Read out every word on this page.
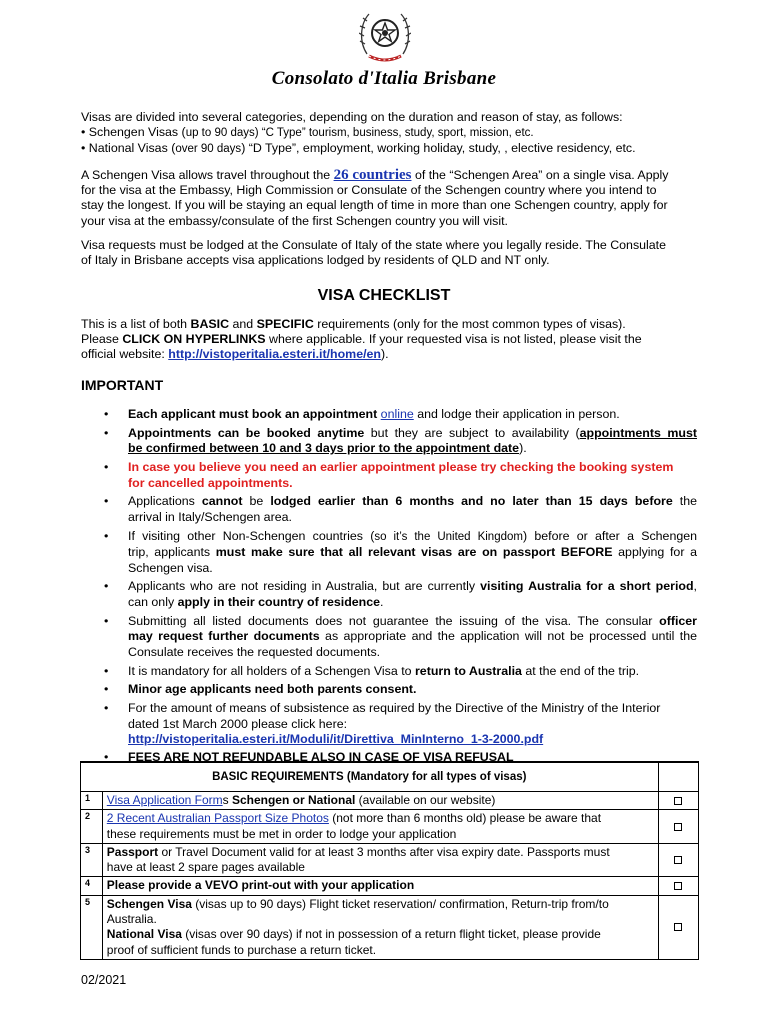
Consolato d'Italia Brisbane
Visas are divided into several categories, depending on the duration and reason of stay, as follows:
• Schengen Visas (up to 90 days) “C Type” tourism, business, study, sport, mission, etc.
• National Visas (over 90 days) “D Type”, employment, working holiday, study, , elective residency, etc.
A Schengen Visa allows travel throughout the 26 countries of the “Schengen Area” on a single visa. Apply
for the visa at the Embassy, High Commission or Consulate of the Schengen country where you intend to
stay the longest. If you will be staying an equal length of time in more than one Schengen country, apply for
your visa at the embassy/consulate of the first Schengen country you will visit.
Visa requests must be lodged at the Consulate of Italy of the state where you legally reside. The Consulate
of Italy in Brisbane accepts visa applications lodged by residents of QLD and NT only.
VISA CHECKLIST
This is a list of both BASIC and SPECIFIC requirements (only for the most common types of visas).
Please CLICK ON HYPERLINKS where applicable. If your requested visa is not listed, please visit the
official website: http://vistoperitalia.esteri.it/home/en).
IMPORTANT
• Each applicant must book an appointment online and lodge their application in person.
• Appointments can be booked anytime but they are subject to availability (appointments must
be confirmed between 10 and 3 days prior to the appointment date).
• In case you believe you need an earlier appointment please try checking the booking system
for cancelled appointments.
• Applications cannot be lodged earlier than 6 months and no later than 15 days before the
arrival in Italy/Schengen area.
• If visiting other Non-Schengen countries (so it’s the United Kingdom) before or after a Schengen
trip, applicants must make sure that all relevant visas are on passport BEFORE applying for a
Schengen visa.
• Applicants who are not residing in Australia, but are currently visiting Australia for a short period,
can only apply in their country of residence.
• Submitting all listed documents does not guarantee the issuing of the visa. The consular officer
may request further documents as appropriate and the application will not be processed until the
Consulate receives the requested documents.
• It is mandatory for all holders of a Schengen Visa to return to Australia at the end of the trip.
• Minor age applicants need both parents consent.
• For the amount of means of subsistence as required by the Directive of the Ministry of the Interior
dated 1st March 2000 please click here:
http://vistoperitalia.esteri.it/Moduli/it/Direttiva_MinInterno_1-3-2000.pdf
• FEES ARE NOT REFUNDABLE ALSO IN CASE OF VISA REFUSAL
BASIC REQUIREMENTS (Mandatory for all types of visas)		
1	Visa Application Forms Schengen or National (available on our website)	
2	2 Recent Australian Passport Size Photos (not more than 6 months old) please be aware that
these requirements must be met in order to lodge your application	
3	Passport or Travel Document valid for at least 3 months after visa expiry date. Passports must
have at least 2 spare pages available	
4	Please provide a VEVO print-out with your application	
5	Schengen Visa (visas up to 90 days) Flight ticket reservation/ confirmation, Return-trip from/to
Australia.
National Visa (visas over 90 days) if not in possession of a return flight ticket, please provide
proof of sufficient funds to purchase a return ticket.	
02/2021
